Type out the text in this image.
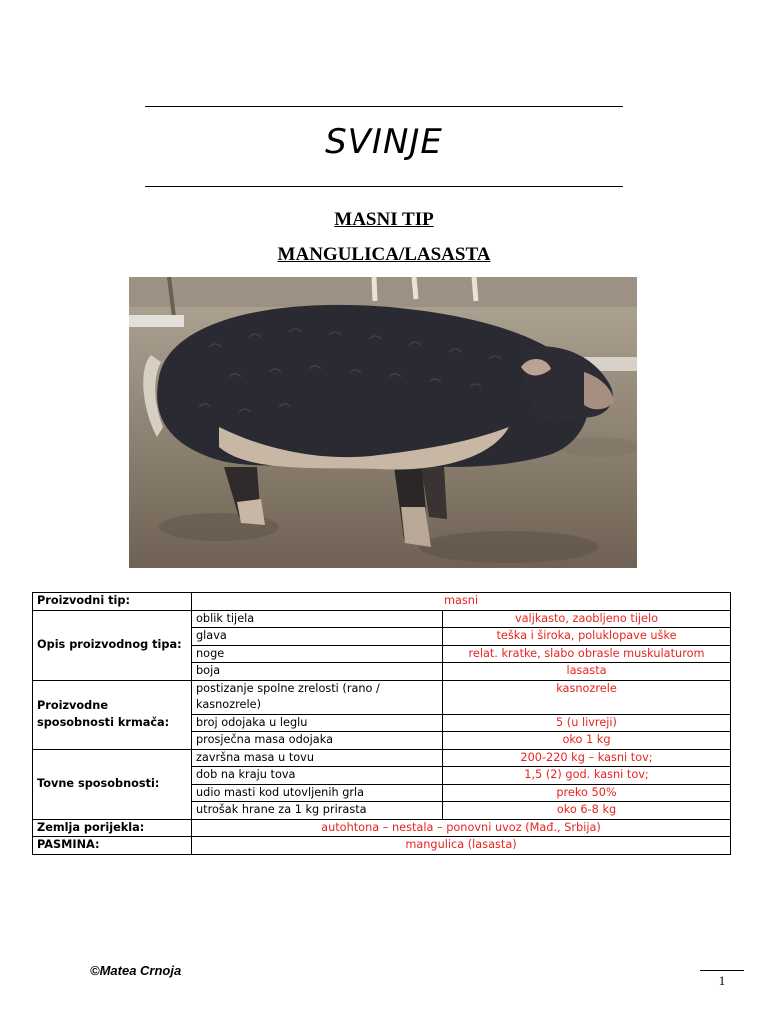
SVINJE
MASNI TIP
MANGULICA/LASASTA
Proizvodni tip:	masni	
Opis proizvodnog tipa:	oblik tijela	valjkasto, zaobljeno tijelo
	glava	teška i široka, poluklopave uške
	noge	relat. kratke, slabo obrasle muskulaturom
	boja	lasasta
Proizvodne sposobnosti krmača:	postizanje spolne zrelosti (rano / kasnozrele)	kasnozrele
	broj odojaka u leglu	5 (u livreji)
	prosječna masa odojaka	oko 1 kg
Tovne sposobnosti:	završna masa u tovu	200-220 kg – kasni tov;
	dob na kraju tova	1,5 (2) god. kasni tov;
	udio masti kod utovljenih grla	preko 50%
	utrošak hrane za 1 kg prirasta	oko 6-8 kg
Zemlja porijekla:	autohtona – nestala – ponovni uvoz (Mađ., Srbija)	
PASMINA:	mangulica (lasasta)	
©Matea Crnoja
1
